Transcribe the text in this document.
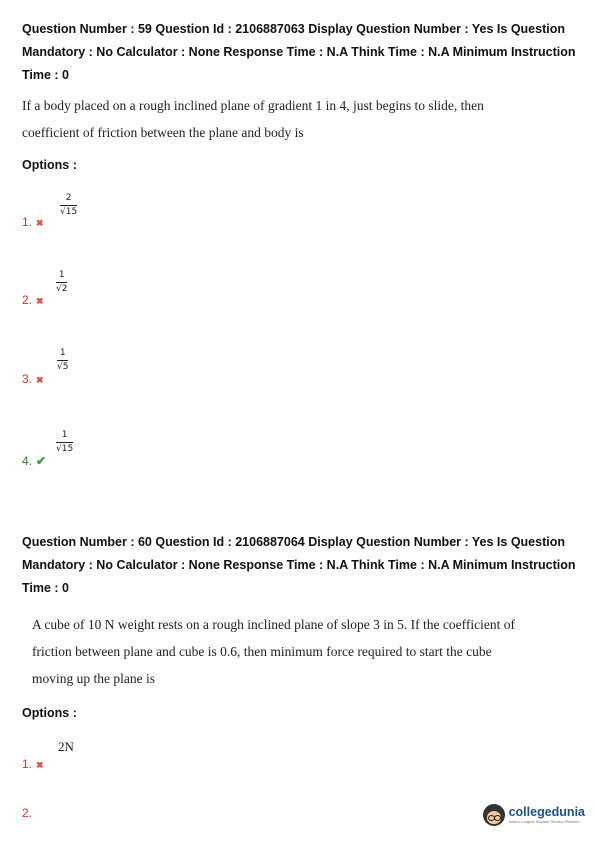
Question Number : 59 Question Id : 2106887063 Display Question Number : Yes Is Question
Mandatory : No Calculator : None Response Time : N.A Think Time : N.A Minimum Instruction
Time : 0
If a body placed on a rough inclined plane of gradient 1 in 4, just begins to slide, then
coefficient of friction between the plane and body is
Options :
2
√15
1. ✖
1
√2
2. ✖
1
√5
3. ✖
1
√15
4. ✔
Question Number : 60 Question Id : 2106887064 Display Question Number : Yes Is Question
Mandatory : No Calculator : None Response Time : N.A Think Time : N.A Minimum Instruction
Time : 0
A cube of 10 N weight rests on a rough inclined plane of slope 3 in 5. If the coefficient of
friction between plane and cube is 0.6, then minimum force required to start the cube
moving up the plane is
Options :
2N
1. ✖
2.	collegedunia
India's Largest Student Review Platform
